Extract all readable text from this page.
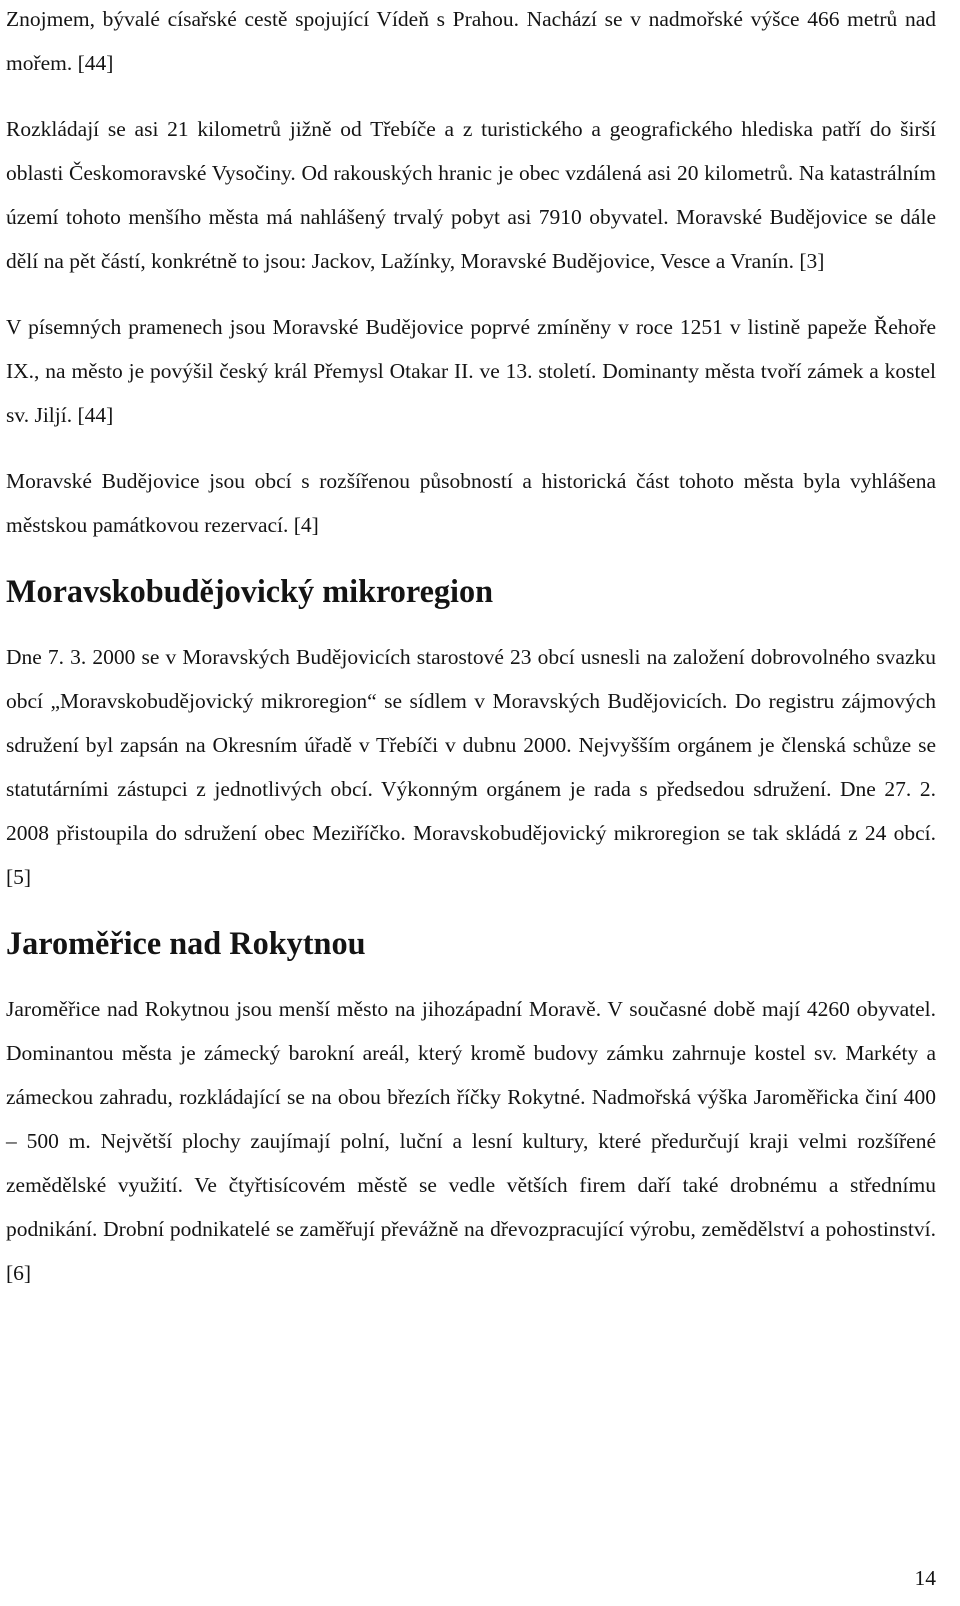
Znojmem, bývalé císařské cestě spojující Vídeň s Prahou. Nachází se v nadmořské výšce 466 metrů nad mořem. [44]

Rozkládají se asi 21 kilometrů jižně od Třebíče a z turistického a geografického hlediska patří do širší oblasti Českomoravské Vysočiny. Od rakouských hranic je obec vzdálená asi 20 kilometrů. Na katastrálním území tohoto menšího města má nahlášený trvalý pobyt asi 7910 obyvatel. Moravské Budějovice se dále dělí na pět částí, konkrétně to jsou: Jackov, Lažínky, Moravské Budějovice, Vesce a Vranín. [3]

V písemných pramenech jsou Moravské Budějovice poprvé zmíněny v roce 1251 v listině papeže Řehoře IX., na město je povýšil český král Přemysl Otakar II. ve 13. století. Dominanty města tvoří zámek a kostel sv. Jiljí. [44]

Moravské Budějovice jsou obcí s rozšířenou působností a historická část tohoto města byla vyhlášena městskou památkovou rezervací. [4]

Moravskobudějovický mikroregion

Dne 7. 3. 2000 se v Moravských Budějovicích starostové 23 obcí usnesli na založení dobrovolného svazku obcí „Moravskobudějovický mikroregion“ se sídlem v Moravských Budějovicích. Do registru zájmových sdružení byl zapsán na Okresním úřadě v Třebíči v dubnu 2000. Nejvyšším orgánem je členská schůze se statutárními zástupci z jednotlivých obcí. Výkonným orgánem je rada s předsedou sdružení. Dne 27. 2. 2008 přistoupila do sdružení obec Meziříčko. Moravskobudějovický mikroregion se tak skládá z 24 obcí. [5]

Jaroměřice nad Rokytnou

Jaroměřice nad Rokytnou jsou menší město na jihozápadní Moravě. V současné době mají 4260 obyvatel. Dominantou města je zámecký barokní areál, který kromě budovy zámku zahrnuje kostel sv. Markéty a zámeckou zahradu, rozkládající se na obou březích říčky Rokytné. Nadmořská výška Jaroměřicka činí 400 – 500 m. Největší plochy zaujímají polní, luční a lesní kultury, které předurčují kraji velmi rozšířené zemědělské využití. Ve čtyřtisícovém městě se vedle větších firem daří také drobnému a střednímu podnikání. Drobní podnikatelé se zaměřují převážně na dřevozpracující výrobu, zemědělství a pohostinství. [6]

14
